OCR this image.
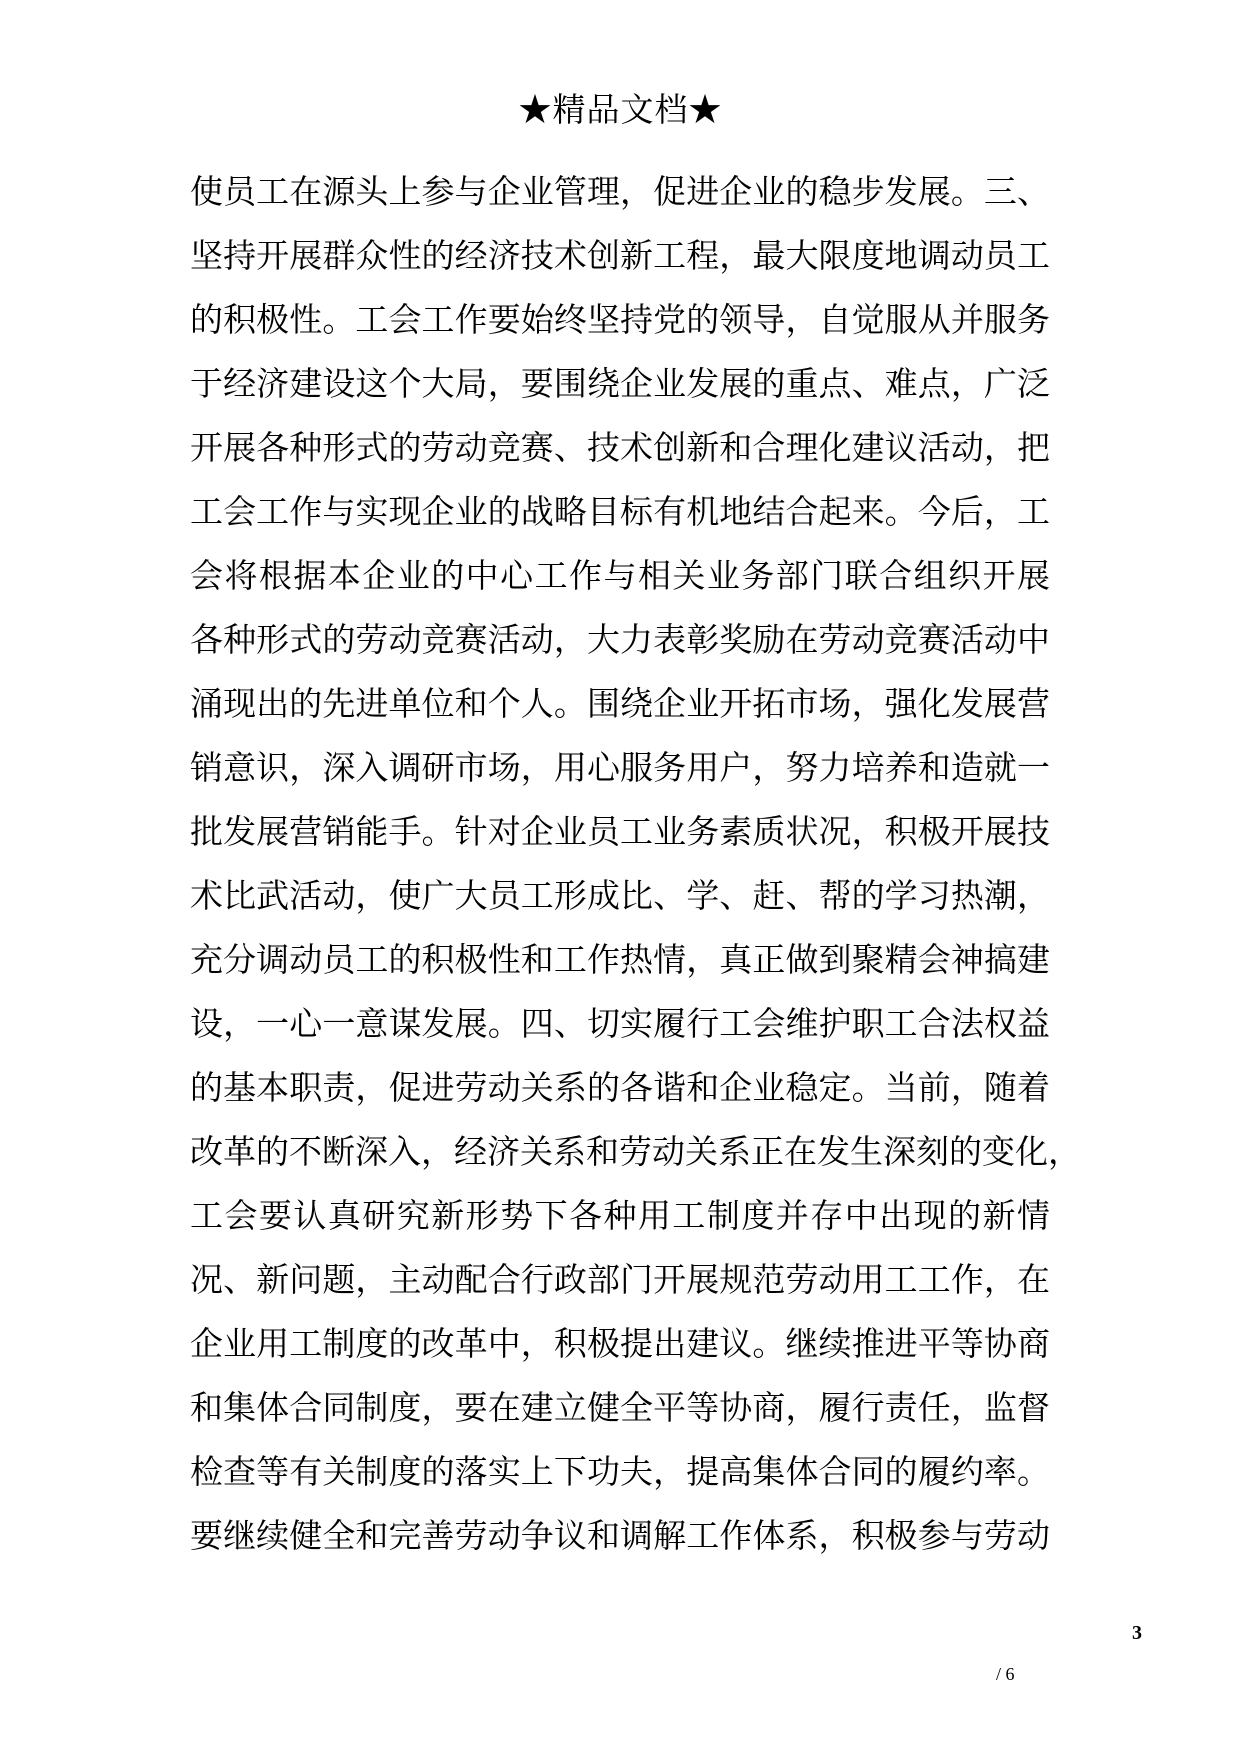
★精品文档★
使员工在源头上参与企业管理，促进企业的稳步发展。三、
坚持开展群众性的经济技术创新工程，最大限度地调动员工
的积极性。工会工作要始终坚持党的领导，自觉服从并服务
于经济建设这个大局，要围绕企业发展的重点、难点，广泛
开展各种形式的劳动竞赛、技术创新和合理化建议活动，把
工会工作与实现企业的战略目标有机地结合起来。今后，工
会将根据本企业的中心工作与相关业务部门联合组织开展
各种形式的劳动竞赛活动，大力表彰奖励在劳动竞赛活动中
涌现出的先进单位和个人。围绕企业开拓市场，强化发展营
销意识，深入调研市场，用心服务用户，努力培养和造就一
批发展营销能手。针对企业员工业务素质状况，积极开展技
术比武活动，使广大员工形成比、学、赶、帮的学习热潮，
充分调动员工的积极性和工作热情，真正做到聚精会神搞建
设，一心一意谋发展。四、切实履行工会维护职工合法权益
的基本职责，促进劳动关系的各谐和企业稳定。当前，随着
改革的不断深入，经济关系和劳动关系正在发生深刻的变化，
工会要认真研究新形势下各种用工制度并存中出现的新情
况、新问题，主动配合行政部门开展规范劳动用工工作，在
企业用工制度的改革中，积极提出建议。继续推进平等协商
和集体合同制度，要在建立健全平等协商，履行责任，监督
检查等有关制度的落实上下功夫，提高集体合同的履约率。
要继续健全和完善劳动争议和调解工作体系，积极参与劳动
3
/ 6
